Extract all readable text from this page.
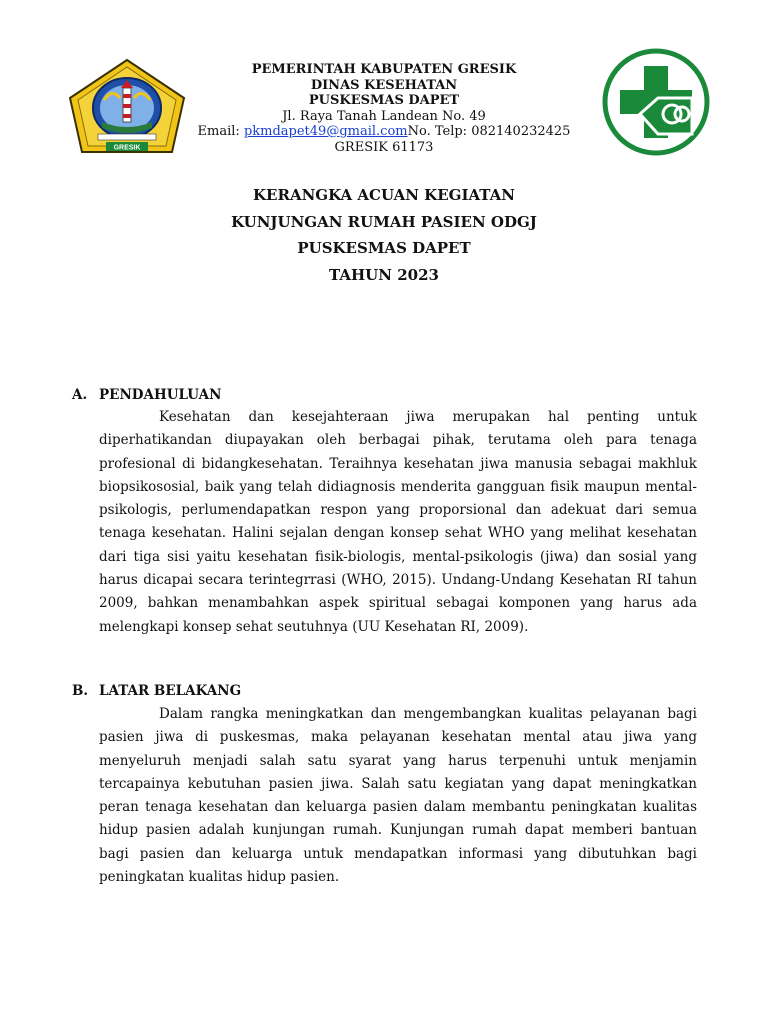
GRESIK
PEMERINTAH KABUPATEN GRESIK
DINAS KESEHATAN
PUSKESMAS DAPET
Jl. Raya Tanah Landean No. 49
Email: pkmdapet49@gmail.comNo. Telp: 082140232425
GRESIK 61173
KERANGKA ACUAN KEGIATAN
KUNJUNGAN RUMAH PASIEN ODGJ
PUSKESMAS DAPET
TAHUN 2023
A. PENDAHULUAN

Kesehatan dan kesejahteraan jiwa merupakan hal penting untuk diperhatikandan diupayakan oleh berbagai pihak, terutama oleh para tenaga profesional di bidangkesehatan. Teraihnya kesehatan jiwa manusia sebagai makhluk biopsikososial, baik yang telah didiagnosis menderita gangguan fisik maupun mental-psikologis, perlumendapatkan respon yang proporsional dan adekuat dari semua tenaga kesehatan. Halini sejalan dengan konsep sehat WHO yang melihat kesehatan dari tiga sisi yaitu kesehatan fisik-biologis, mental-psikologis (jiwa) dan sosial yang harus dicapai secara terintegrrasi (WHO, 2015). Undang-Undang Kesehatan RI tahun 2009, bahkan menambahkan aspek spiritual sebagai komponen yang harus ada melengkapi konsep sehat seutuhnya (UU Kesehatan RI, 2009).

B. LATAR BELAKANG

Dalam rangka meningkatkan dan mengembangkan kualitas pelayanan bagi pasien jiwa di puskesmas, maka pelayanan kesehatan mental atau jiwa yang menyeluruh menjadi salah satu syarat yang harus terpenuhi untuk menjamin tercapainya kebutuhan pasien jiwa. Salah satu kegiatan yang dapat meningkatkan peran tenaga kesehatan dan keluarga pasien dalam membantu peningkatan kualitas hidup pasien adalah kunjungan rumah. Kunjungan rumah dapat memberi bantuan bagi pasien dan keluarga untuk mendapatkan informasi yang dibutuhkan bagi peningkatan kualitas hidup pasien.
